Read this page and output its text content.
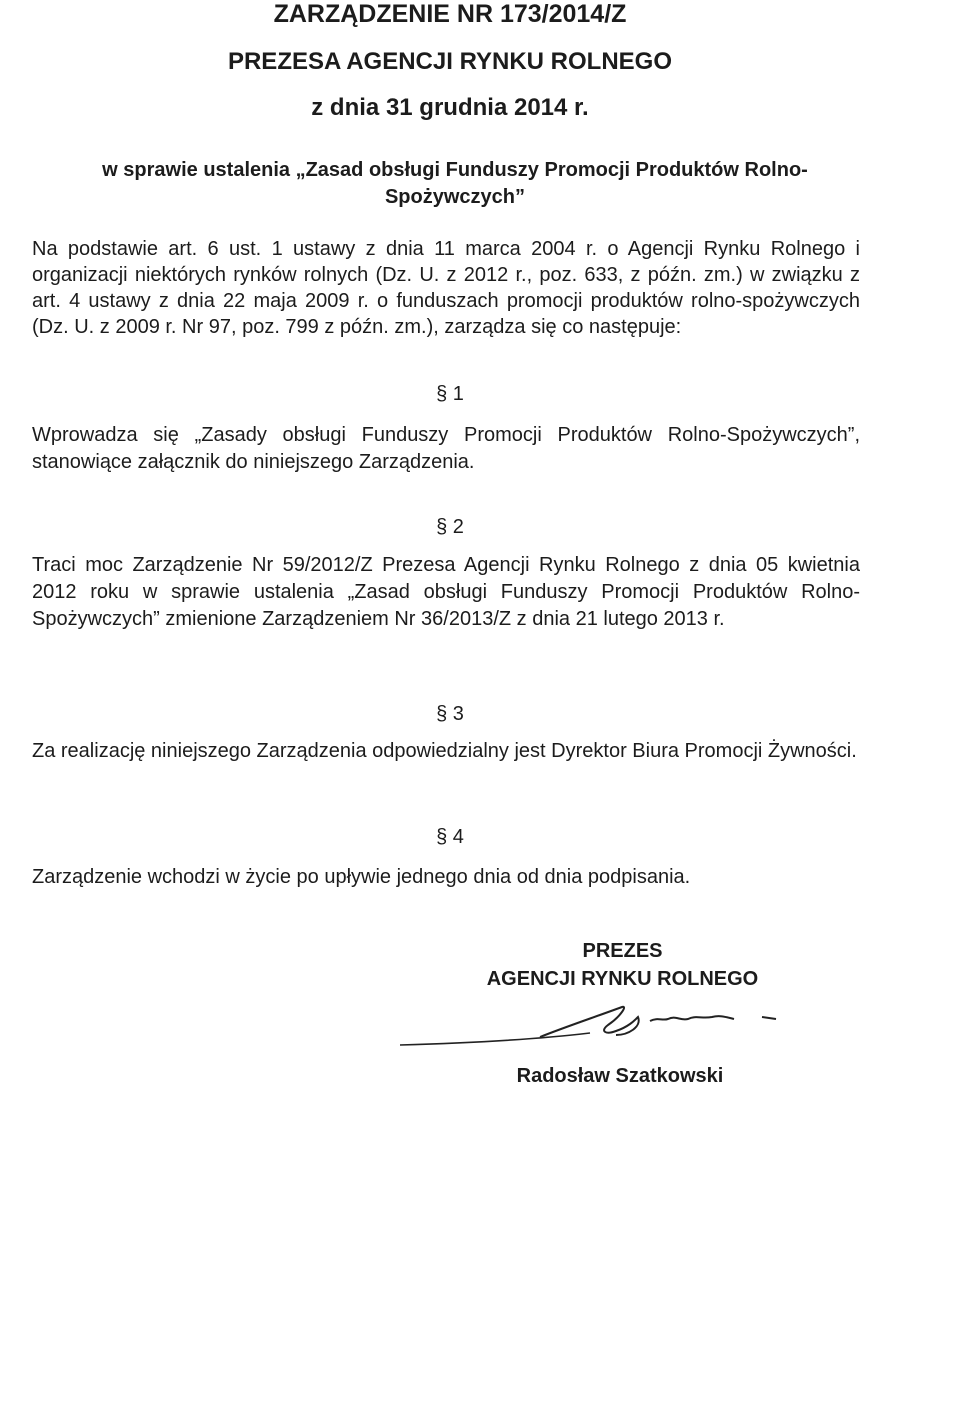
ZARZĄDZENIE NR 173/2014/Z
PREZESA AGENCJI RYNKU ROLNEGO
z dnia 31 grudnia 2014 r.
w sprawie ustalenia „Zasad obsługi Funduszy Promocji Produktów Rolno-Spożywczych”
Na podstawie art. 6 ust. 1 ustawy z dnia 11 marca 2004 r. o Agencji Rynku Rolnego i organizacji niektórych rynków rolnych (Dz. U. z 2012 r., poz. 633, z późn. zm.) w związku z art. 4 ustawy z dnia 22 maja 2009 r. o funduszach promocji produktów rolno-spożywczych (Dz. U. z 2009 r. Nr 97, poz. 799 z późn. zm.), zarządza się co następuje:
§ 1
Wprowadza się „Zasady obsługi Funduszy Promocji Produktów Rolno-Spożywczych”, stanowiące załącznik do niniejszego Zarządzenia.
§ 2
Traci moc Zarządzenie Nr 59/2012/Z Prezesa Agencji Rynku Rolnego z dnia 05 kwietnia 2012 roku w sprawie ustalenia „Zasad obsługi Funduszy Promocji Produktów Rolno-Spożywczych” zmienione Zarządzeniem Nr 36/2013/Z z dnia 21 lutego 2013 r.
§ 3
Za realizację niniejszego Zarządzenia odpowiedzialny jest Dyrektor Biura Promocji Żywności.
§ 4
Zarządzenie wchodzi w życie po upływie jednego dnia od dnia podpisania.
PREZES
AGENCJI RYNKU ROLNEGO
Radosław Szatkowski
